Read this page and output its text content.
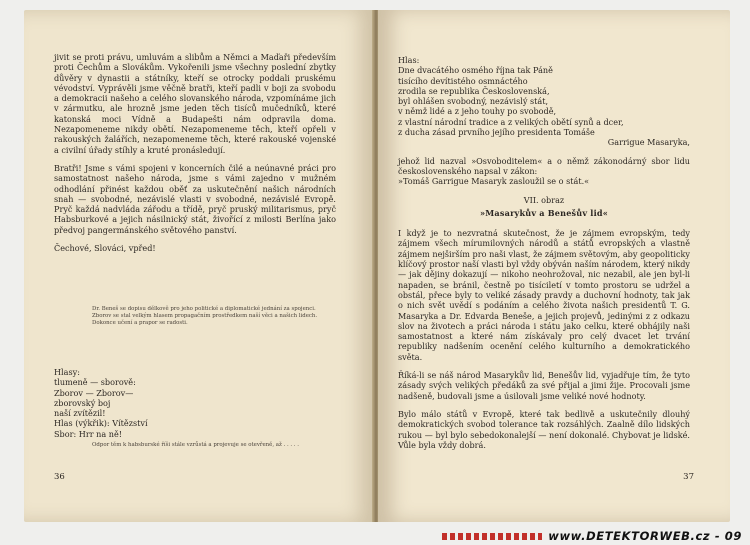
jivit se proti právu, umluvám a slibům a Němci a Maďaři především proti Čechům a Slovákům. Vykořenili jsme všechny poslední zbytky důvěry v dynastii a státníky, kteří se otrocky poddali pruskému vévodství. Vyprávěli jsme věčně bratři, kteří padli v boji za svobodu a demokracii našeho a celého slovanského národa, vzpomínáme jich v zármutku, ale hrozně jsme jeden těch tisíců mučedníků, které katonská moci Vídně a Budapešti nám odpravila doma. Nezapomeneme nikdy obětí. Nezapomeneme těch, kteří opřeli v rakouských žalářích, nezapomeneme těch, které rakouské vojenské a civilní úřady stíhly a kruté pronásledují.

Bratři! Jsme s vámi spojeni v koncerních čilé a neúnavné práci pro samostatnost našeho národa, jsme s vámi zajedno v mužném odhodlání přinést každou oběť za uskutečnění našich národních snah — svobodné, nezávislé vlasti v svobodné, nezávislé Evropě. Pryč každá nadvláda zářodu a třídě, pryč pruský militarismus, pryč Habsburkové a jejich násilnický stát, živořící z milosti Berlína jako předvoj pangermánského světového panství.

Čechové, Slováci, vpřed!

Dr. Beneš se dopisu dělkově pro jeho politické a diplomatické jednání za spojenci. Zborov se stal velkým hlasem propagačním prostředkem naší věci a našich lidech. Dokonce učení a prapor se radosti.
Hlasy:
tlumeně — sborově:
Zborov — Zborov—
zborovský boj
naší zvítězil!
Hlas (výkřik): Vítězství
Sbor: Hrr na ně!
Odpor těm k habsburské říši stále vzrůstá a projevuje se otevřeně, až . . . . .
36
Hlas:
Dne dvacátého osmého října tak Páně
tisícího devítistého osmnáctého
zrodila se republika Československá,
byl ohlášen svobodný, nezávislý stát,
v němž lidé a z jeho touhy po svobodě,
z vlastní národní tradice a z velikých obětí synů a dcer,
z ducha zásad prvního jejího presidenta Tomáše
Garrigue Masaryka,

jehož lid nazval »Osvoboditelem« a o němž zákonodárný sbor lidu československého napsal v zákon:

»Tomáš Garrigue Masaryk zasloužil se o stát.«

VII. obraz
»Masarykův a Benešův lid«

I když je to nezvratná skutečnost, že je zájmem evropským, tedy zájmem všech mírumilovných národů a států evropských a vlastně zájmem nejširším pro naši vlast, že zájmem světovým, aby geopoliticky klíčový prostor naší vlasti byl vždy obýván naším národem, který nikdy — jak dějiny dokazují — nikoho neohrožoval, nic nezabil, ale jen byl-li napaden, se bránil, čestně po tisíciletí v tomto prostoru se udržel a obstál, přece byly to veliké zásady pravdy a duchovní hodnoty, tak jak o nich svět uvědí s podáním a celého života našich presidentů T. G. Masaryka a Dr. Edvarda Beneše, a jejich projevů, jedinými z z odkazu slov na životech a práci národa i státu jako celku, které obhájily naši samostatnost a které nám získávaly pro celý dvacet let trvání republiky nadšením ocenění celého kulturního a demokratického světa.

Říká-li se náš národ Masarykův lid, Benešův lid, vyjadřuje tím, že tyto zásady svých velikých předáků za své přijal a jimi žije. Procovali jsme nadšeně, budovali jsme a úsilovali jsme veliké nové hodnoty.

Bylo málo států v Evropě, které tak bedlivě a uskutečnily dlouhý demokratických svobod tolerance tak rozsáhlých. Zaalně dílo lidských rukou — byl bylo sebedokonalejší — není dokonalé. Chybovat je lidské. Vůle byla vždy dobrá.

37
www.DETEKTORWEB.cz - 09
